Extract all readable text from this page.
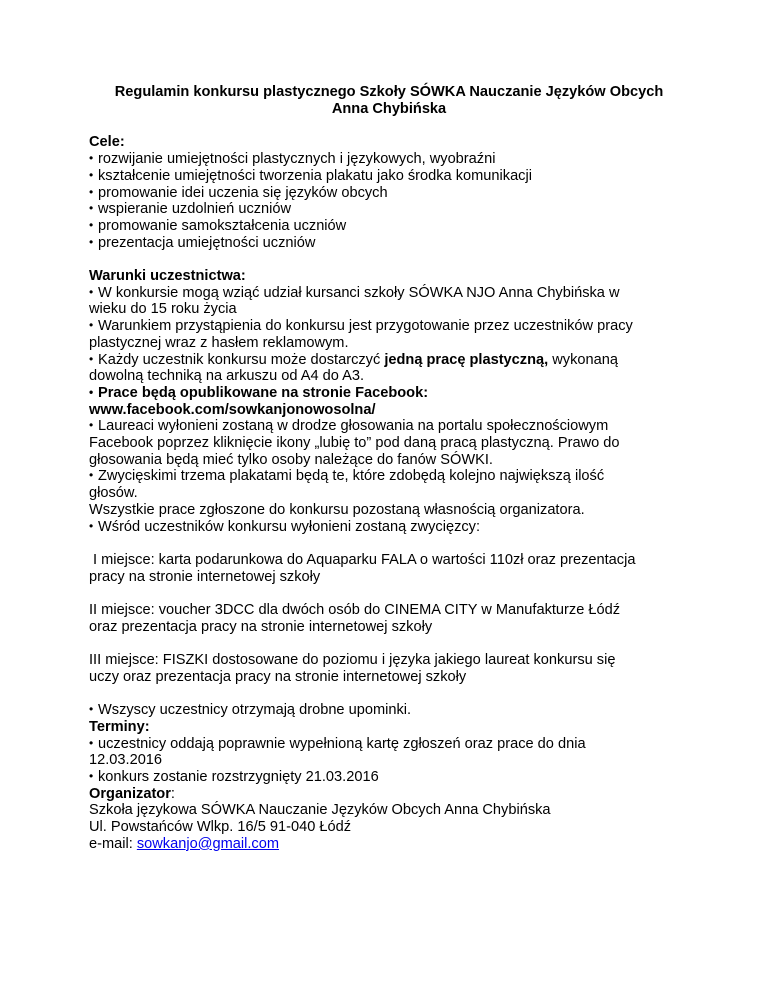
Regulamin konkursu plastycznego Szkoły SÓWKA Nauczanie Języków Obcych
Anna Chybińska
Cele:
• rozwijanie umiejętności plastycznych i językowych, wyobraźni
• kształcenie umiejętności tworzenia plakatu jako środka komunikacji
• promowanie idei uczenia się języków obcych
• wspieranie uzdolnień uczniów
• promowanie samokształcenia uczniów
• prezentacja umiejętności uczniów
Warunki uczestnictwa:
• W konkursie mogą wziąć udział kursanci szkoły SÓWKA NJO Anna Chybińska w
wieku do 15 roku życia
• Warunkiem przystąpienia do konkursu jest przygotowanie przez uczestników pracy
plastycznej wraz z hasłem reklamowym.
• Każdy uczestnik konkursu może dostarczyć jedną pracę plastyczną, wykonaną
dowolną techniką na arkuszu od A4 do A3.
• Prace będą opublikowane na stronie Facebook:
www.facebook.com/sowkanjonowosolna/
• Laureaci wyłonieni zostaną w drodze głosowania na portalu społecznościowym
Facebook poprzez kliknięcie ikony „lubię to” pod daną pracą plastyczną. Prawo do
głosowania będą mieć tylko osoby należące do fanów SÓWKI.
• Zwycięskimi trzema plakatami będą te, które zdobędą kolejno największą ilość
głosów.
Wszystkie prace zgłoszone do konkursu pozostaną własnością organizatora.
• Wśród uczestników konkursu wyłonieni zostaną zwycięzcy:
I miejsce: karta podarunkowa do Aquaparku FALA o wartości 110zł oraz prezentacja
pracy na stronie internetowej szkoły
II miejsce: voucher 3DCC dla dwóch osób do CINEMA CITY w Manufakturze Łódź
oraz prezentacja pracy na stronie internetowej szkoły
III miejsce: FISZKI dostosowane do poziomu i języka jakiego laureat konkursu się
uczy oraz prezentacja pracy na stronie internetowej szkoły
• Wszyscy uczestnicy otrzymają drobne upominki.
Terminy:
• uczestnicy oddają poprawnie wypełnioną kartę zgłoszeń oraz prace do dnia
12.03.2016
• konkurs zostanie rozstrzygnięty 21.03.2016
Organizator:
Szkoła językowa SÓWKA Nauczanie Języków Obcych Anna Chybińska
Ul. Powstańców Wlkp. 16/5 91-040 Łódź
e-mail: sowkanjo@gmail.com
